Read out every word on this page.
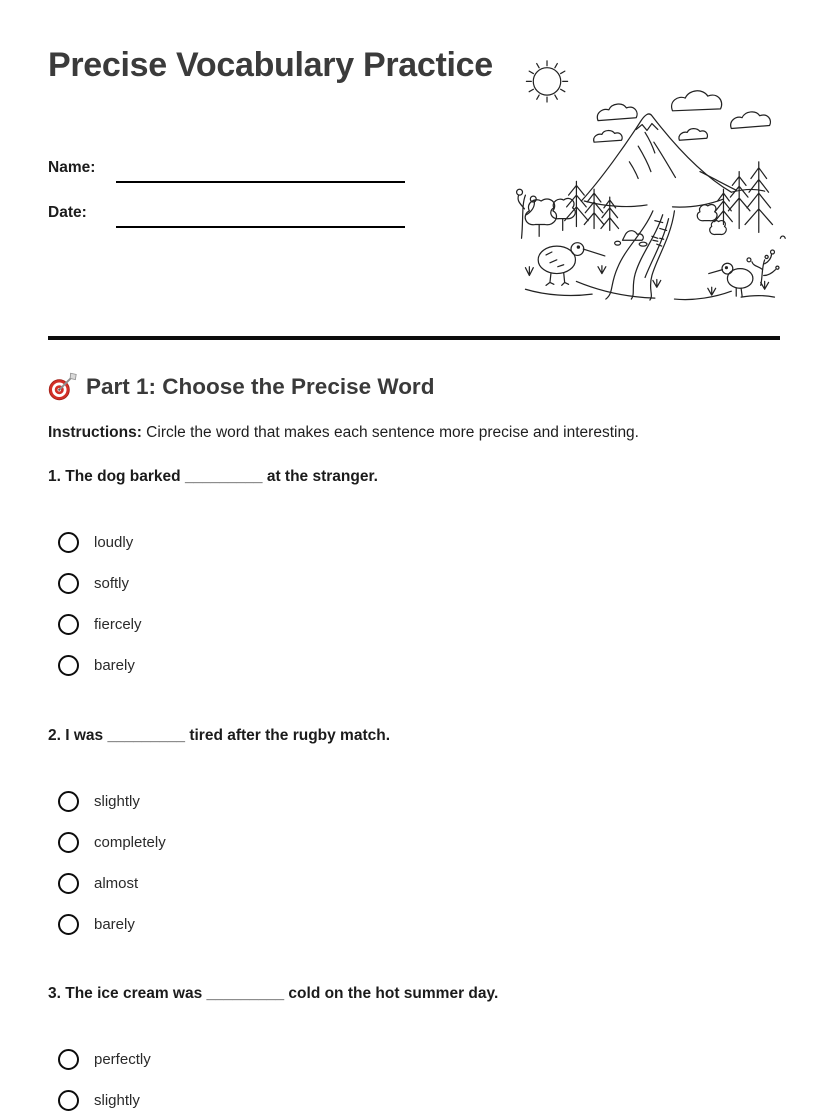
Precise Vocabulary Practice
Name:
Date:
Part 1: Choose the Precise Word
Instructions: Circle the word that makes each sentence more precise and interesting.
1. The dog barked _________ at the stranger.
loudly
softly
fiercely
barely
2. I was _________ tired after the rugby match.
slightly
completely
almost
barely
3. The ice cream was _________ cold on the hot summer day.
perfectly
slightly
